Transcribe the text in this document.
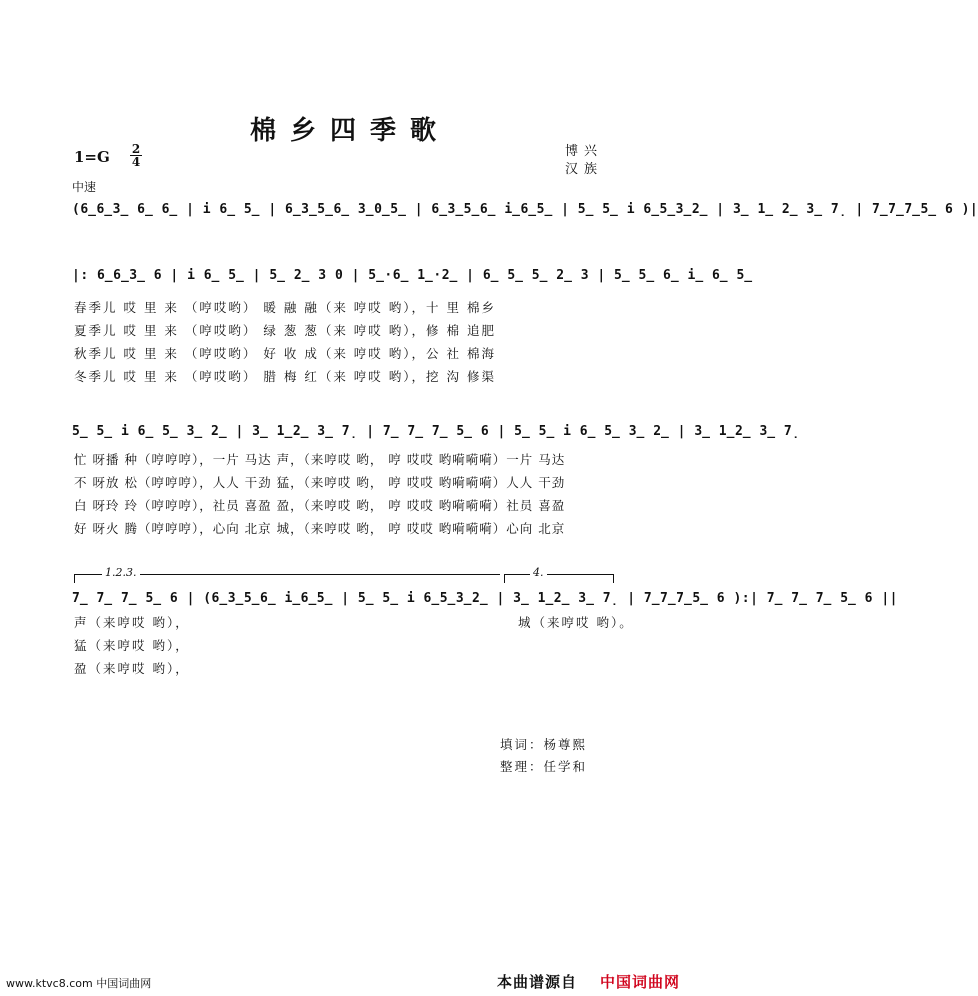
棉乡四季歌
博兴
汉族
$1=G \frac{2}{4}$
中速
(6̲6̲3̲ 6̲ 6̲ | i 6̲ 5̲ | 6̲3̲5̲6̲ 3̲0̲5̲ | 6̲3̲5̲6̲ i̲6̲5̲ | 5̲ 5̲ i 6̲5̲3̲2̲ | 3̲ 1̲ 2̲ 3̲ 7̣ | 7̲7̲7̲5̲ 6 )|
|: 6̲6̲3̲ 6 | i 6̲ 5̲ | 5̲ 2̲ 3 0 | 5̲·6̲ 1̲·2̲ | 6̲ 5̲ 5̲ 2̲ 3 | 5̲ 5̲ 6̲ i̲ 6̲ 5̲
春季儿 哎 里 来 （哼哎哟） 暖 融 融（来 哼哎 哟），十 里 棉乡
夏季儿 哎 里 来 （哼哎哟） 绿 葱 葱（来 哼哎 哟），修 棉 追肥
秋季儿 哎 里 来 （哼哎哟） 好 收 成（来 哼哎 哟），公 社 棉海
冬季儿 哎 里 来 （哼哎哟） 腊 梅 红（来 哼哎 哟），挖 沟 修渠
5̲ 5̲ i 6̲ 5̲ 3̲ 2̲ | 3̲ 1̲2̲ 3̲ 7̣ | 7̲ 7̲ 7̲ 5̲ 6 | 5̲ 5̲ i 6̲ 5̲ 3̲ 2̲ | 3̲ 1̲2̲ 3̲ 7̣
忙 呀播 种（哼哼哼），一片 马达 声，（来哼哎 哟， 哼 哎哎 哟嗬嗬嗬）一片 马达
不 呀放 松（哼哼哼），人人 干劲 猛，（来哼哎 哟， 哼 哎哎 哟嗬嗬嗬）人人 干劲
白 呀玲 玲（哼哼哼），社员 喜盈 盈，（来哼哎 哟， 哼 哎哎 哟嗬嗬嗬）社员 喜盈
好 呀火 腾（哼哼哼），心向 北京 城，（来哼哎 哟， 哼 哎哎 哟嗬嗬嗬）心向 北京
1.2.3.	4.
7̲ 7̲ 7̲ 5̲ 6 | (6̲3̲5̲6̲ i̲6̲5̲ | 5̲ 5̲ i 6̲5̲3̲2̲ | 3̲ 1̲2̲ 3̲ 7̣ | 7̲7̲7̲5̲ 6 ):| 7̲ 7̲ 7̲ 5̲ 6 ||
声（来哼哎 哟），
猛（来哼哎 哟），
盈（来哼哎 哟），
城（来哼哎 哟）。
填词：杨尊熙
整理：任学和
www.ktvc8.com 中国词曲网	本曲谱源自 中国词曲网
